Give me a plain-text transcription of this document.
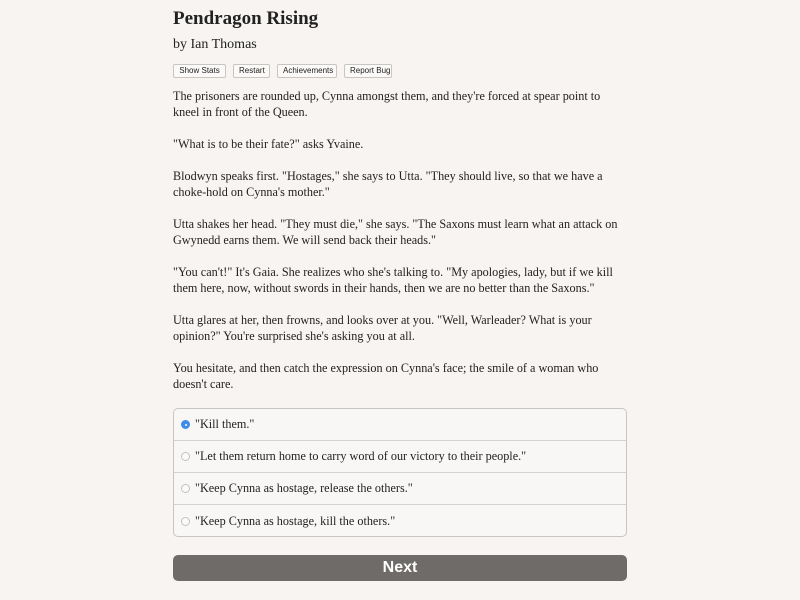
Pendragon Rising
by Ian Thomas
Show Stats	Restart	Achievements	Report Bug

The prisoners are rounded up, Cynna amongst them, and they're forced at spear point to kneel in front of the Queen.

"What is to be their fate?" asks Yvaine.

Blodwyn speaks first. "Hostages," she says to Utta. "They should live, so that we have a choke-hold on Cynna's mother."

Utta shakes her head. "They must die," she says. "The Saxons must learn what an attack on Gwynedd earns them. We will send back their heads."

"You can't!" It's Gaia. She realizes who she's talking to. "My apologies, lady, but if we kill them here, now, without swords in their hands, then we are no better than the Saxons."

Utta glares at her, then frowns, and looks over at you. "Well, Warleader? What is your opinion?" You're surprised she's asking you at all.

You hesitate, and then catch the expression on Cynna's face; the smile of a woman who doesn't care.

"Kill them."
"Let them return home to carry word of our victory to their people."
"Keep Cynna as hostage, release the others."
"Keep Cynna as hostage, kill the others."
Next
